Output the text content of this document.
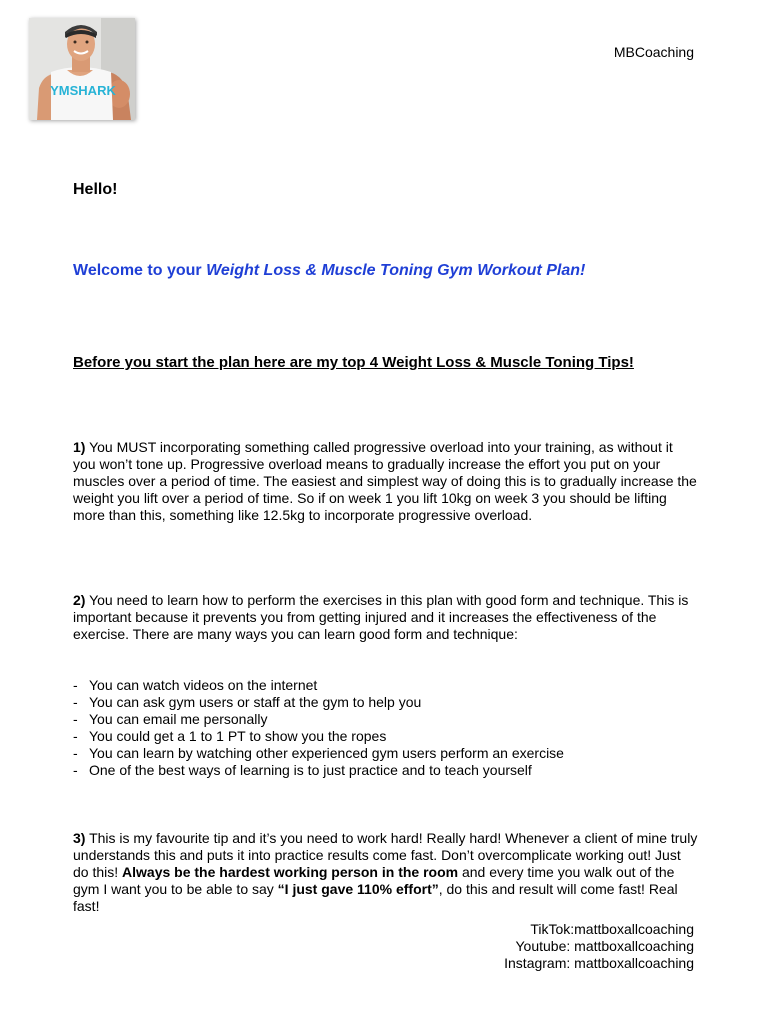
YMSHARK
MBCoaching
Hello!
Welcome to your Weight Loss & Muscle Toning Gym Workout Plan!
Before you start the plan here are my top 4 Weight Loss & Muscle Toning Tips!
1) You MUST incorporating something called progressive overload into your training, as without it you won’t tone up. Progressive overload means to gradually increase the effort you put on your muscles over a period of time. The easiest and simplest way of doing this is to gradually increase the weight you lift over a period of time. So if on week 1 you lift 10kg on week 3 you should be lifting more than this, something like 12.5kg to incorporate progressive overload.
2) You need to learn how to perform the exercises in this plan with good form and technique. This is important because it prevents you from getting injured and it increases the effectiveness of the exercise. There are many ways you can learn good form and technique:
- You can watch videos on the internet
- You can ask gym users or staff at the gym to help you
- You can email me personally
- You could get a 1 to 1 PT to show you the ropes
- You can learn by watching other experienced gym users perform an exercise
- One of the best ways of learning is to just practice and to teach yourself
3) This is my favourite tip and it’s you need to work hard! Really hard! Whenever a client of mine truly understands this and puts it into practice results come fast. Don’t overcomplicate working out! Just do this! Always be the hardest working person in the room and every time you walk out of the gym I want you to be able to say “I just gave 110% effort”, do this and result will come fast! Real fast!
TikTok:mattboxallcoaching
Youtube: mattboxallcoaching
Instagram: mattboxallcoaching
